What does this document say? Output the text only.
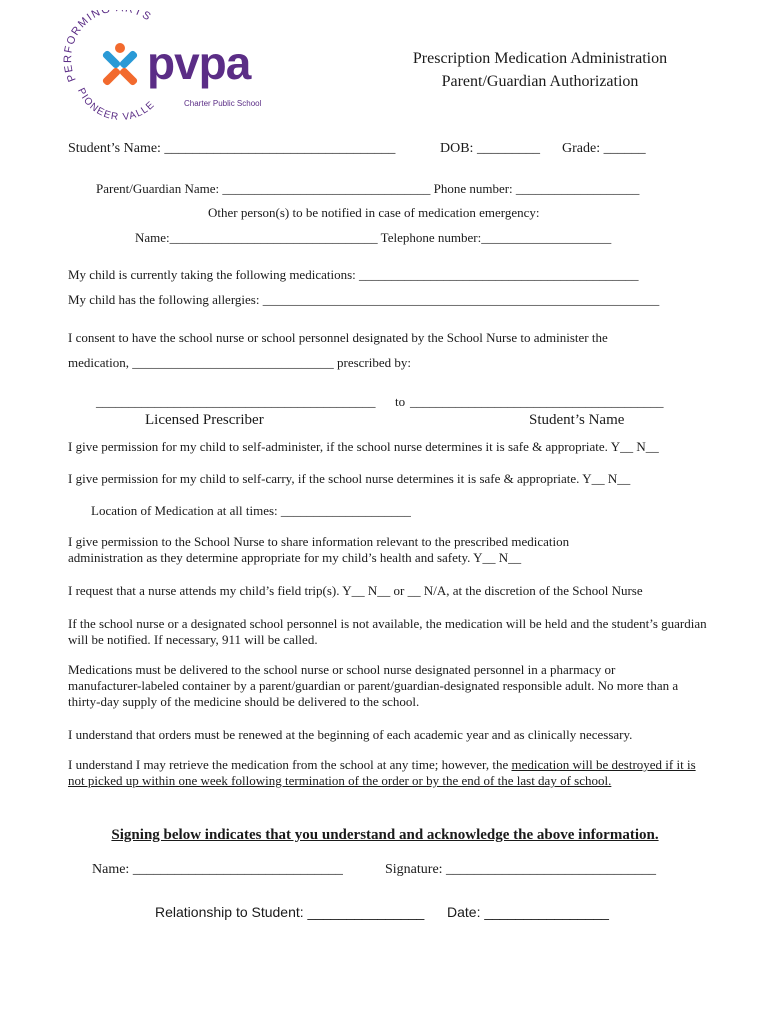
PERFORMIN TS
PIONEER VALLE
pvpa
Charter Public School
Prescription Medication Administration
Parent/Guardian Authorization
Student’s Name: _________________________________	DOB: _________ Grade: ______
Parent/Guardian Name: ________________________________ Phone number: ___________________
Other person(s) to be notified in case of medication emergency:
Name:________________________________ Telephone number:____________________
My child is currently taking the following medications: ___________________________________________
My child has the following allergies: _____________________________________________________________
I consent to have the school nurse or school personnel designated by the School Nurse to administer the
medication, _______________________________ prescribed by:
___________________________________________ to _______________________________________
Licensed Prescriber	Student’s Name
I give permission for my child to self-administer, if the school nurse determines it is safe & appropriate. Y__ N__
I give permission for my child to self-carry, if the school nurse determines it is safe & appropriate. Y__ N__
Location of Medication at all times: ____________________
I give permission to the School Nurse to share information relevant to the prescribed medication administration as they determine appropriate for my child’s health and safety. Y__ N__
I request that a nurse attends my child’s field trip(s). Y__ N__ or __ N/A, at the discretion of the School Nurse
If the school nurse or a designated school personnel is not available, the medication will be held and the student’s guardian will be notified. If necessary, 911 will be called.
Medications must be delivered to the school nurse or school nurse designated personnel in a pharmacy or manufacturer-labeled container by a parent/guardian or parent/guardian-designated responsible adult. No more than a thirty-day supply of the medicine should be delivered to the school.
I understand that orders must be renewed at the beginning of each academic year and as clinically necessary.
I understand I may retrieve the medication from the school at any time; however, the medication will be destroyed if it is not picked up within one week following termination of the order or by the end of the last day of school.
Signing below indicates that you understand and acknowledge the above information.
Name: ______________________________	Signature: ______________________________
Relationship to Student: _______________ Date: ________________
